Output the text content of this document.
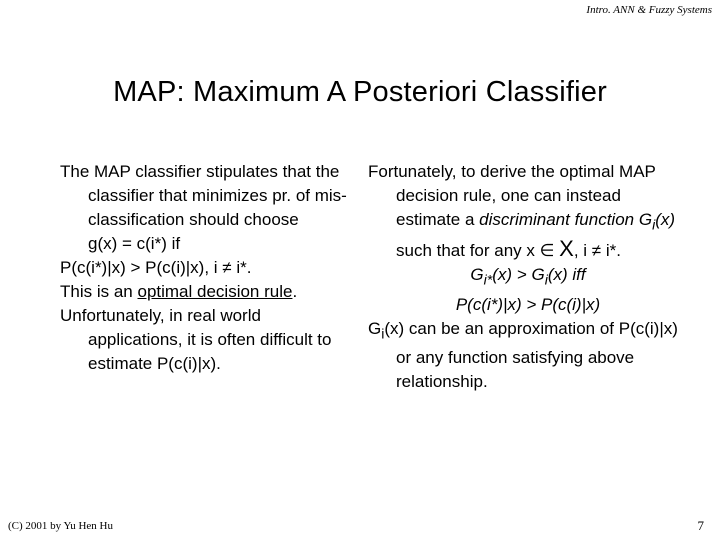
Intro. ANN & Fuzzy Systems
MAP: Maximum A Posteriori Classifier

The MAP classifier stipulates that the classifier that minimizes pr. of mis-classification should choose
g(x) = c(i*) if

P(c(i*)|x) > P(c(i)|x), i ≠ i*.

This is an optimal decision rule.

Unfortunately, in real world applications, it is often difficult to estimate P(c(i)|x).

Fortunately, to derive the optimal MAP decision rule, one can instead estimate a discriminant function $G_i(x)$ such that for any x ∈ X, i ≠ i*.

$G_{i*}(x) > G_i(x)$ iff

P(c(i*)|x) > P(c(i)|x)

$G_i(x)$ can be an approximation of P(c(i)|x) or any function satisfying above relationship.

(C) 2001 by Yu Hen Hu	7
